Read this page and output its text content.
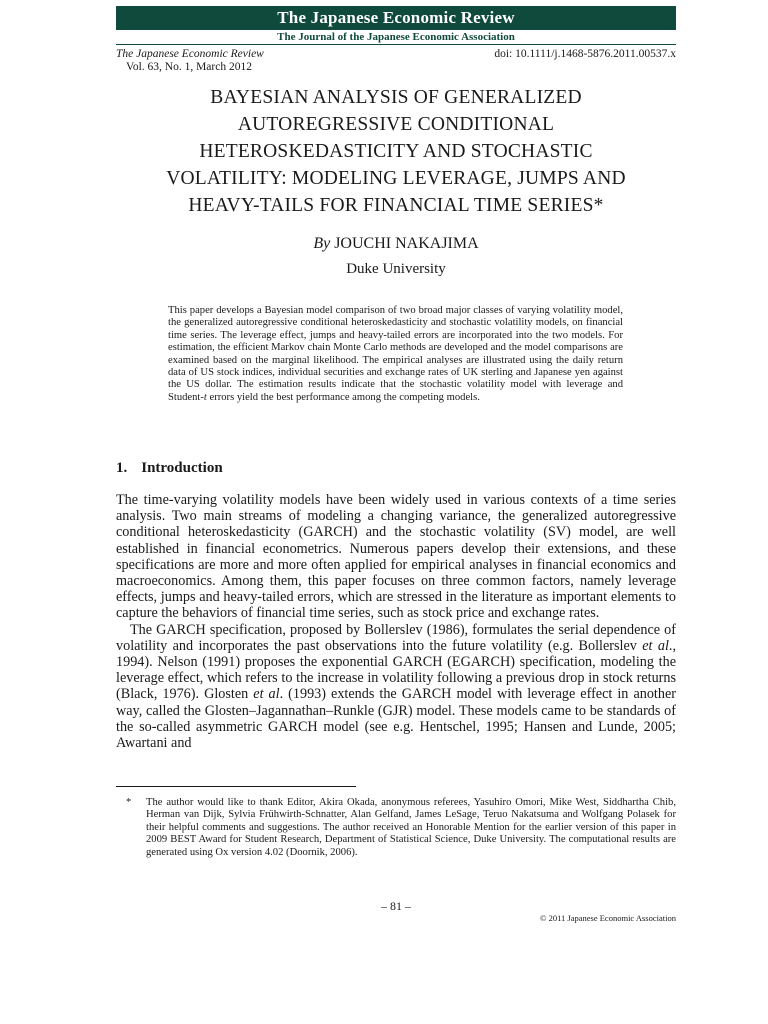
The Japanese Economic Review
The Journal of the Japanese Economic Association
The Japanese Economic Review
Vol. 63, No. 1, March 2012
doi: 10.1111/j.1468-5876.2011.00537.x
BAYESIAN ANALYSIS OF GENERALIZED
AUTOREGRESSIVE CONDITIONAL
HETEROSKEDASTICITY AND STOCHASTIC
VOLATILITY: MODELING LEVERAGE, JUMPS AND
HEAVY-TAILS FOR FINANCIAL TIME SERIES*
By JOUCHI NAKAJIMA
Duke University

This paper develops a Bayesian model comparison of two broad major classes of varying volatility model, the generalized autoregressive conditional heteroskedasticity and stochastic volatility models, on financial time series. The leverage effect, jumps and heavy-tailed errors are incorporated into the two models. For estimation, the efficient Markov chain Monte Carlo methods are developed and the model comparisons are examined based on the marginal likelihood. The empirical analyses are illustrated using the daily return data of US stock indices, individual securities and exchange rates of UK sterling and Japanese yen against the US dollar. The estimation results indicate that the stochastic volatility model with leverage and Student-t errors yield the best performance among the competing models.

1. Introduction

The time-varying volatility models have been widely used in various contexts of a time series analysis. Two main streams of modeling a changing variance, the generalized autoregressive conditional heteroskedasticity (GARCH) and the stochastic volatility (SV) model, are well established in financial econometrics. Numerous papers develop their extensions, and these specifications are more and more often applied for empirical analyses in financial economics and macroeconomics. Among them, this paper focuses on three common factors, namely leverage effects, jumps and heavy-tailed errors, which are stressed in the literature as important elements to capture the behaviors of financial time series, such as stock price and exchange rates.

The GARCH specification, proposed by Bollerslev (1986), formulates the serial dependence of volatility and incorporates the past observations into the future volatility (e.g. Bollerslev et al., 1994). Nelson (1991) proposes the exponential GARCH (EGARCH) specification, modeling the leverage effect, which refers to the increase in volatility following a previous drop in stock returns (Black, 1976). Glosten et al. (1993) extends the GARCH model with leverage effect in another way, called the Glosten–Jagannathan–Runkle (GJR) model. These models came to be standards of the so-called asymmetric GARCH model (see e.g. Hentschel, 1995; Hansen and Lunde, 2005; Awartani and

* The author would like to thank Editor, Akira Okada, anonymous referees, Yasuhiro Omori, Mike West, Siddhartha Chib, Herman van Dijk, Sylvia Frühwirth-Schnatter, Alan Gelfand, James LeSage, Teruo Nakatsuma and Wolfgang Polasek for their helpful comments and suggestions. The author received an Honorable Mention for the earlier version of this paper in 2009 BEST Award for Student Research, Department of Statistical Science, Duke University. The computational results are generated using Ox version 4.02 (Doornik, 2006).
– 81 –
© 2011 Japanese Economic Association
